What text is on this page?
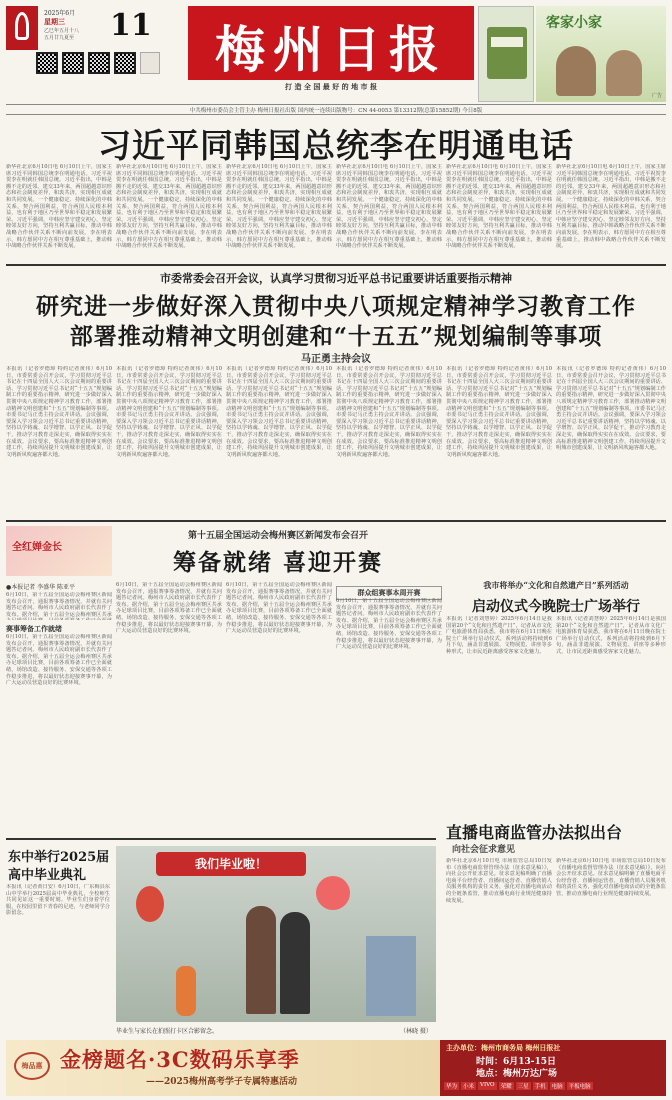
2025年6月
星期三
乙巳年五月十八
五月廿九夏至 11	梅州日报
打 造 全 国 最 好 的 地 市 报
客家小家
广告
中共梅州市委员会主管主办 梅州日报社出版 国内统一连续出版物号：CN 44-0053 第13312期(总第15852期) 今日8版
习近平同韩国总统李在明通电话
新华社北京6月10日电 6月10日上午，国家主席习近平同韩国总统李在明通电话。习近平祝贺李在明就任韩国总统。习近平指出，中韩是搬不走的近邻。建交33年来，两国超越意识形态和社会制度差异，和衷共济，实现相互成就和共同发展。一个健康稳定、持续深化的中韩关系，契合两国利益，符合两国人民根本利益，也有利于地区乃至世界和平稳定和发展繁荣。习近平强调，中韩应坚守建交初心，坚定睦邻友好方向，坚持互利共赢目标，推动中韩战略合作伙伴关系不断向前发展。李在明表示，韩方愿同中方在相互尊重基础上，推动韩中战略合作伙伴关系不断发展。
新华社北京6月10日电 6月10日上午，国家主席习近平同韩国总统李在明通电话。习近平祝贺李在明就任韩国总统。习近平指出，中韩是搬不走的近邻。建交33年来，两国超越意识形态和社会制度差异，和衷共济，实现相互成就和共同发展。一个健康稳定、持续深化的中韩关系，契合两国利益，符合两国人民根本利益，也有利于地区乃至世界和平稳定和发展繁荣。习近平强调，中韩应坚守建交初心，坚定睦邻友好方向，坚持互利共赢目标，推动中韩战略合作伙伴关系不断向前发展。李在明表示，韩方愿同中方在相互尊重基础上，推动韩中战略合作伙伴关系不断发展。
新华社北京6月10日电 6月10日上午，国家主席习近平同韩国总统李在明通电话。习近平祝贺李在明就任韩国总统。习近平指出，中韩是搬不走的近邻。建交33年来，两国超越意识形态和社会制度差异，和衷共济，实现相互成就和共同发展。一个健康稳定、持续深化的中韩关系，契合两国利益，符合两国人民根本利益，也有利于地区乃至世界和平稳定和发展繁荣。习近平强调，中韩应坚守建交初心，坚定睦邻友好方向，坚持互利共赢目标，推动中韩战略合作伙伴关系不断向前发展。李在明表示，韩方愿同中方在相互尊重基础上，推动韩中战略合作伙伴关系不断发展。
新华社北京6月10日电 6月10日上午，国家主席习近平同韩国总统李在明通电话。习近平祝贺李在明就任韩国总统。习近平指出，中韩是搬不走的近邻。建交33年来，两国超越意识形态和社会制度差异，和衷共济，实现相互成就和共同发展。一个健康稳定、持续深化的中韩关系，契合两国利益，符合两国人民根本利益，也有利于地区乃至世界和平稳定和发展繁荣。习近平强调，中韩应坚守建交初心，坚定睦邻友好方向，坚持互利共赢目标，推动中韩战略合作伙伴关系不断向前发展。李在明表示，韩方愿同中方在相互尊重基础上，推动韩中战略合作伙伴关系不断发展。
新华社北京6月10日电 6月10日上午，国家主席习近平同韩国总统李在明通电话。习近平祝贺李在明就任韩国总统。习近平指出，中韩是搬不走的近邻。建交33年来，两国超越意识形态和社会制度差异，和衷共济，实现相互成就和共同发展。一个健康稳定、持续深化的中韩关系，契合两国利益，符合两国人民根本利益，也有利于地区乃至世界和平稳定和发展繁荣。习近平强调，中韩应坚守建交初心，坚定睦邻友好方向，坚持互利共赢目标，推动中韩战略合作伙伴关系不断向前发展。李在明表示，韩方愿同中方在相互尊重基础上，推动韩中战略合作伙伴关系不断发展。
新华社北京6月10日电 6月10日上午，国家主席习近平同韩国总统李在明通电话。习近平祝贺李在明就任韩国总统。习近平指出，中韩是搬不走的近邻。建交33年来，两国超越意识形态和社会制度差异，和衷共济，实现相互成就和共同发展。一个健康稳定、持续深化的中韩关系，契合两国利益，符合两国人民根本利益，也有利于地区乃至世界和平稳定和发展繁荣。习近平强调，中韩应坚守建交初心，坚定睦邻友好方向，坚持互利共赢目标，推动中韩战略合作伙伴关系不断向前发展。李在明表示，韩方愿同中方在相互尊重基础上，推动韩中战略合作伙伴关系不断发展。
市委常委会召开会议，认真学习贯彻习近平总书记重要讲话重要指示精神
研究进一步做好深入贯彻中央八项规定精神学习教育工作
部署推动精神文明创建和“十五五”规划编制等事项
马正勇主持会议
本报讯（记者罗德璋 特约记者黄伟）6月10日，市委常委会召开会议，学习贯彻习近平总书记在十四届全国人大三次会议期间的重要讲话、学习贯彻习近平总书记对“十五五”规划编制工作的重要指示精神，研究进一步做好深入贯彻中央八项规定精神学习教育工作，部署推动精神文明创建和“十五五”规划编制等事项。市委书记马正勇主持会议并讲话。会议强调，要深入学习领会习近平总书记重要讲话精神，坚持以学铸魂、以学增智、以学正风、以学促干，推动学习教育走深走实，确保取得实实在在成效。会议要求，要高标准推进精神文明创建工作，持续巩固提升文明城市创建成果，让文明新风吹遍客都大地。
本报讯（记者罗德璋 特约记者黄伟）6月10日，市委常委会召开会议，学习贯彻习近平总书记在十四届全国人大三次会议期间的重要讲话、学习贯彻习近平总书记对“十五五”规划编制工作的重要指示精神，研究进一步做好深入贯彻中央八项规定精神学习教育工作，部署推动精神文明创建和“十五五”规划编制等事项。市委书记马正勇主持会议并讲话。会议强调，要深入学习领会习近平总书记重要讲话精神，坚持以学铸魂、以学增智、以学正风、以学促干，推动学习教育走深走实，确保取得实实在在成效。会议要求，要高标准推进精神文明创建工作，持续巩固提升文明城市创建成果，让文明新风吹遍客都大地。
本报讯（记者罗德璋 特约记者黄伟）6月10日，市委常委会召开会议，学习贯彻习近平总书记在十四届全国人大三次会议期间的重要讲话、学习贯彻习近平总书记对“十五五”规划编制工作的重要指示精神，研究进一步做好深入贯彻中央八项规定精神学习教育工作，部署推动精神文明创建和“十五五”规划编制等事项。市委书记马正勇主持会议并讲话。会议强调，要深入学习领会习近平总书记重要讲话精神，坚持以学铸魂、以学增智、以学正风、以学促干，推动学习教育走深走实，确保取得实实在在成效。会议要求，要高标准推进精神文明创建工作，持续巩固提升文明城市创建成果，让文明新风吹遍客都大地。
本报讯（记者罗德璋 特约记者黄伟）6月10日，市委常委会召开会议，学习贯彻习近平总书记在十四届全国人大三次会议期间的重要讲话、学习贯彻习近平总书记对“十五五”规划编制工作的重要指示精神，研究进一步做好深入贯彻中央八项规定精神学习教育工作，部署推动精神文明创建和“十五五”规划编制等事项。市委书记马正勇主持会议并讲话。会议强调，要深入学习领会习近平总书记重要讲话精神，坚持以学铸魂、以学增智、以学正风、以学促干，推动学习教育走深走实，确保取得实实在在成效。会议要求，要高标准推进精神文明创建工作，持续巩固提升文明城市创建成果，让文明新风吹遍客都大地。
本报讯（记者罗德璋 特约记者黄伟）6月10日，市委常委会召开会议，学习贯彻习近平总书记在十四届全国人大三次会议期间的重要讲话、学习贯彻习近平总书记对“十五五”规划编制工作的重要指示精神，研究进一步做好深入贯彻中央八项规定精神学习教育工作，部署推动精神文明创建和“十五五”规划编制等事项。市委书记马正勇主持会议并讲话。会议强调，要深入学习领会习近平总书记重要讲话精神，坚持以学铸魂、以学增智、以学正风、以学促干，推动学习教育走深走实，确保取得实实在在成效。会议要求，要高标准推进精神文明创建工作，持续巩固提升文明城市创建成果，让文明新风吹遍客都大地。
本报讯（记者罗德璋 特约记者黄伟）6月10日，市委常委会召开会议，学习贯彻习近平总书记在十四届全国人大三次会议期间的重要讲话、学习贯彻习近平总书记对“十五五”规划编制工作的重要指示精神，研究进一步做好深入贯彻中央八项规定精神学习教育工作，部署推动精神文明创建和“十五五”规划编制等事项。市委书记马正勇主持会议并讲话。会议强调，要深入学习领会习近平总书记重要讲话精神，坚持以学铸魂、以学增智、以学正风、以学促干，推动学习教育走深走实，确保取得实实在在成效。会议要求，要高标准推进精神文明创建工作，持续巩固提升文明城市创建成果，让文明新风吹遍客都大地。
全红婵金长
第十五届全国运动会梅州赛区新闻发布会召开
筹备就绪 喜迎开赛
●本报记者 李盛华 陈亚平
6月10日，第十五届全国运动会梅州赛区新闻发布会召开，通报赛事筹备情况，并就有关问题答记者问。梅州市人民政府副市长代表作了发布。据介绍，第十五届全运会梅州赛区共承
赛事筹备工作就绪
6月10日，第十五届全国运动会梅州赛区新闻发布会召开，通报赛事筹备情况，并就有关问题答记者问。梅州市人民政府副市长代表作了发布。据介绍，第十五届全运会梅州赛区共承办足球项目比赛，目前各项筹备工作已全面就绪，场馆改造、接待服务、安保交通等各项工作稳步推进，将以最好状态迎接赛事开幕，为广大运动员营造良好的比赛环境。
6月10日，第十五届全国运动会梅州赛区新闻发布会召开，通报赛事筹备情况，并就有关问题答记者问。梅州市人民政府副市长代表作了发布。据介绍，第十五届全运会梅州赛区共承办足球项目比赛，目前各项筹备工作已全面就绪，场馆改造、接待服务、安保交通等各项工作稳步推进，将以最好状态迎接赛事开幕，为广大运动员营造良好的比赛环境。
6月10日，第十五届全国运动会梅州赛区新闻发布会召开，通报赛事筹备情况，并就有关问题答记者问。梅州市人民政府副市长代表作了发布。据介绍，第十五届全运会梅州赛区共承办足球项目比赛，目前各项筹备工作已全面就绪，场馆改造、接待服务、安保交通等各项工作稳步推进，将以最好状态迎接赛事开幕，为广大运动员营造良好的比赛环境。
群众组赛事本周开赛
6月10日，第十五届全国运动会梅州赛区新闻发布会召开，通报赛事筹备情况，并就有关问题答记者问。梅州市人民政府副市长代表作了发布。据介绍，第十五届全运会梅州赛区共承办足球项目比赛，目前各项筹备工作已全面就绪，场馆改造、接待服务、安保交通等各项工作稳步推进，将以最好状态迎接赛事开幕，为广大运动员营造良好的比赛环境。
我市将举办“文化和自然遗产日”系列活动
启动仪式今晚院士广场举行
本报讯（记者刘慧婷）2025年6月14日是我国第20个“文化和自然遗产日”，记者从市文化广电旅游体育局获悉，我市将在6月11日晚在院士广场举行启动仪式，系列活动将持续到6月下旬，涵盖非遗展演、文物展览、讲座等多种形式，让市民近距离感受客家文化魅力。
本报讯（记者刘慧婷）2025年6月14日是我国第20个“文化和自然遗产日”，记者从市文化广电旅游体育局获悉，我市将在6月11日晚在院士广场举行启动仪式，系列活动将持续到6月下旬，涵盖非遗展演、文物展览、讲座等多种形式，让市民近距离感受客家文化魅力。
直播电商监管办法拟出台
向社会征求意见
新华社北京6月10日电 市场监管总局10日发布《直播电商监督管理办法（征求意见稿）》，向社会公开征求意见。征求意见稿明确了直播电商平台经营者、直播间运营者、直播营销人员服务机构的责任义务，强化对直播电商活动的全链条监管，推动直播电商行业规范健康持续发展。
新华社北京6月10日电 市场监管总局10日发布《直播电商监督管理办法（征求意见稿）》，向社会公开征求意见。征求意见稿明确了直播电商平台经营者、直播间运营者、直播营销人员服务机构的责任义务，强化对直播电商活动的全链条监管，推动直播电商行业规范健康持续发展。
东中举行2025届
高中毕业典礼
本报讯（记者黄日安）6月10日，广东梅县东山中学举行2025届高中毕业典礼，全校师生共同见证这一重要时刻。毕业生们身着学位服，在校园里留下青春的足迹，与老师同学合影留念。
我们毕业啦！
毕业生与家长在拍照打卡区合影留念。	（林晓 摄）
梅品惠 金榜题名·3C数码乐享季
——2025梅州高考学子专属特惠活动
主办单位：梅州市商务局 梅州日报社
时间：6月13-15日
地点：梅州万达广场
华为	小米	VIVO	荣耀	三星	手机	电脑	平板电脑
